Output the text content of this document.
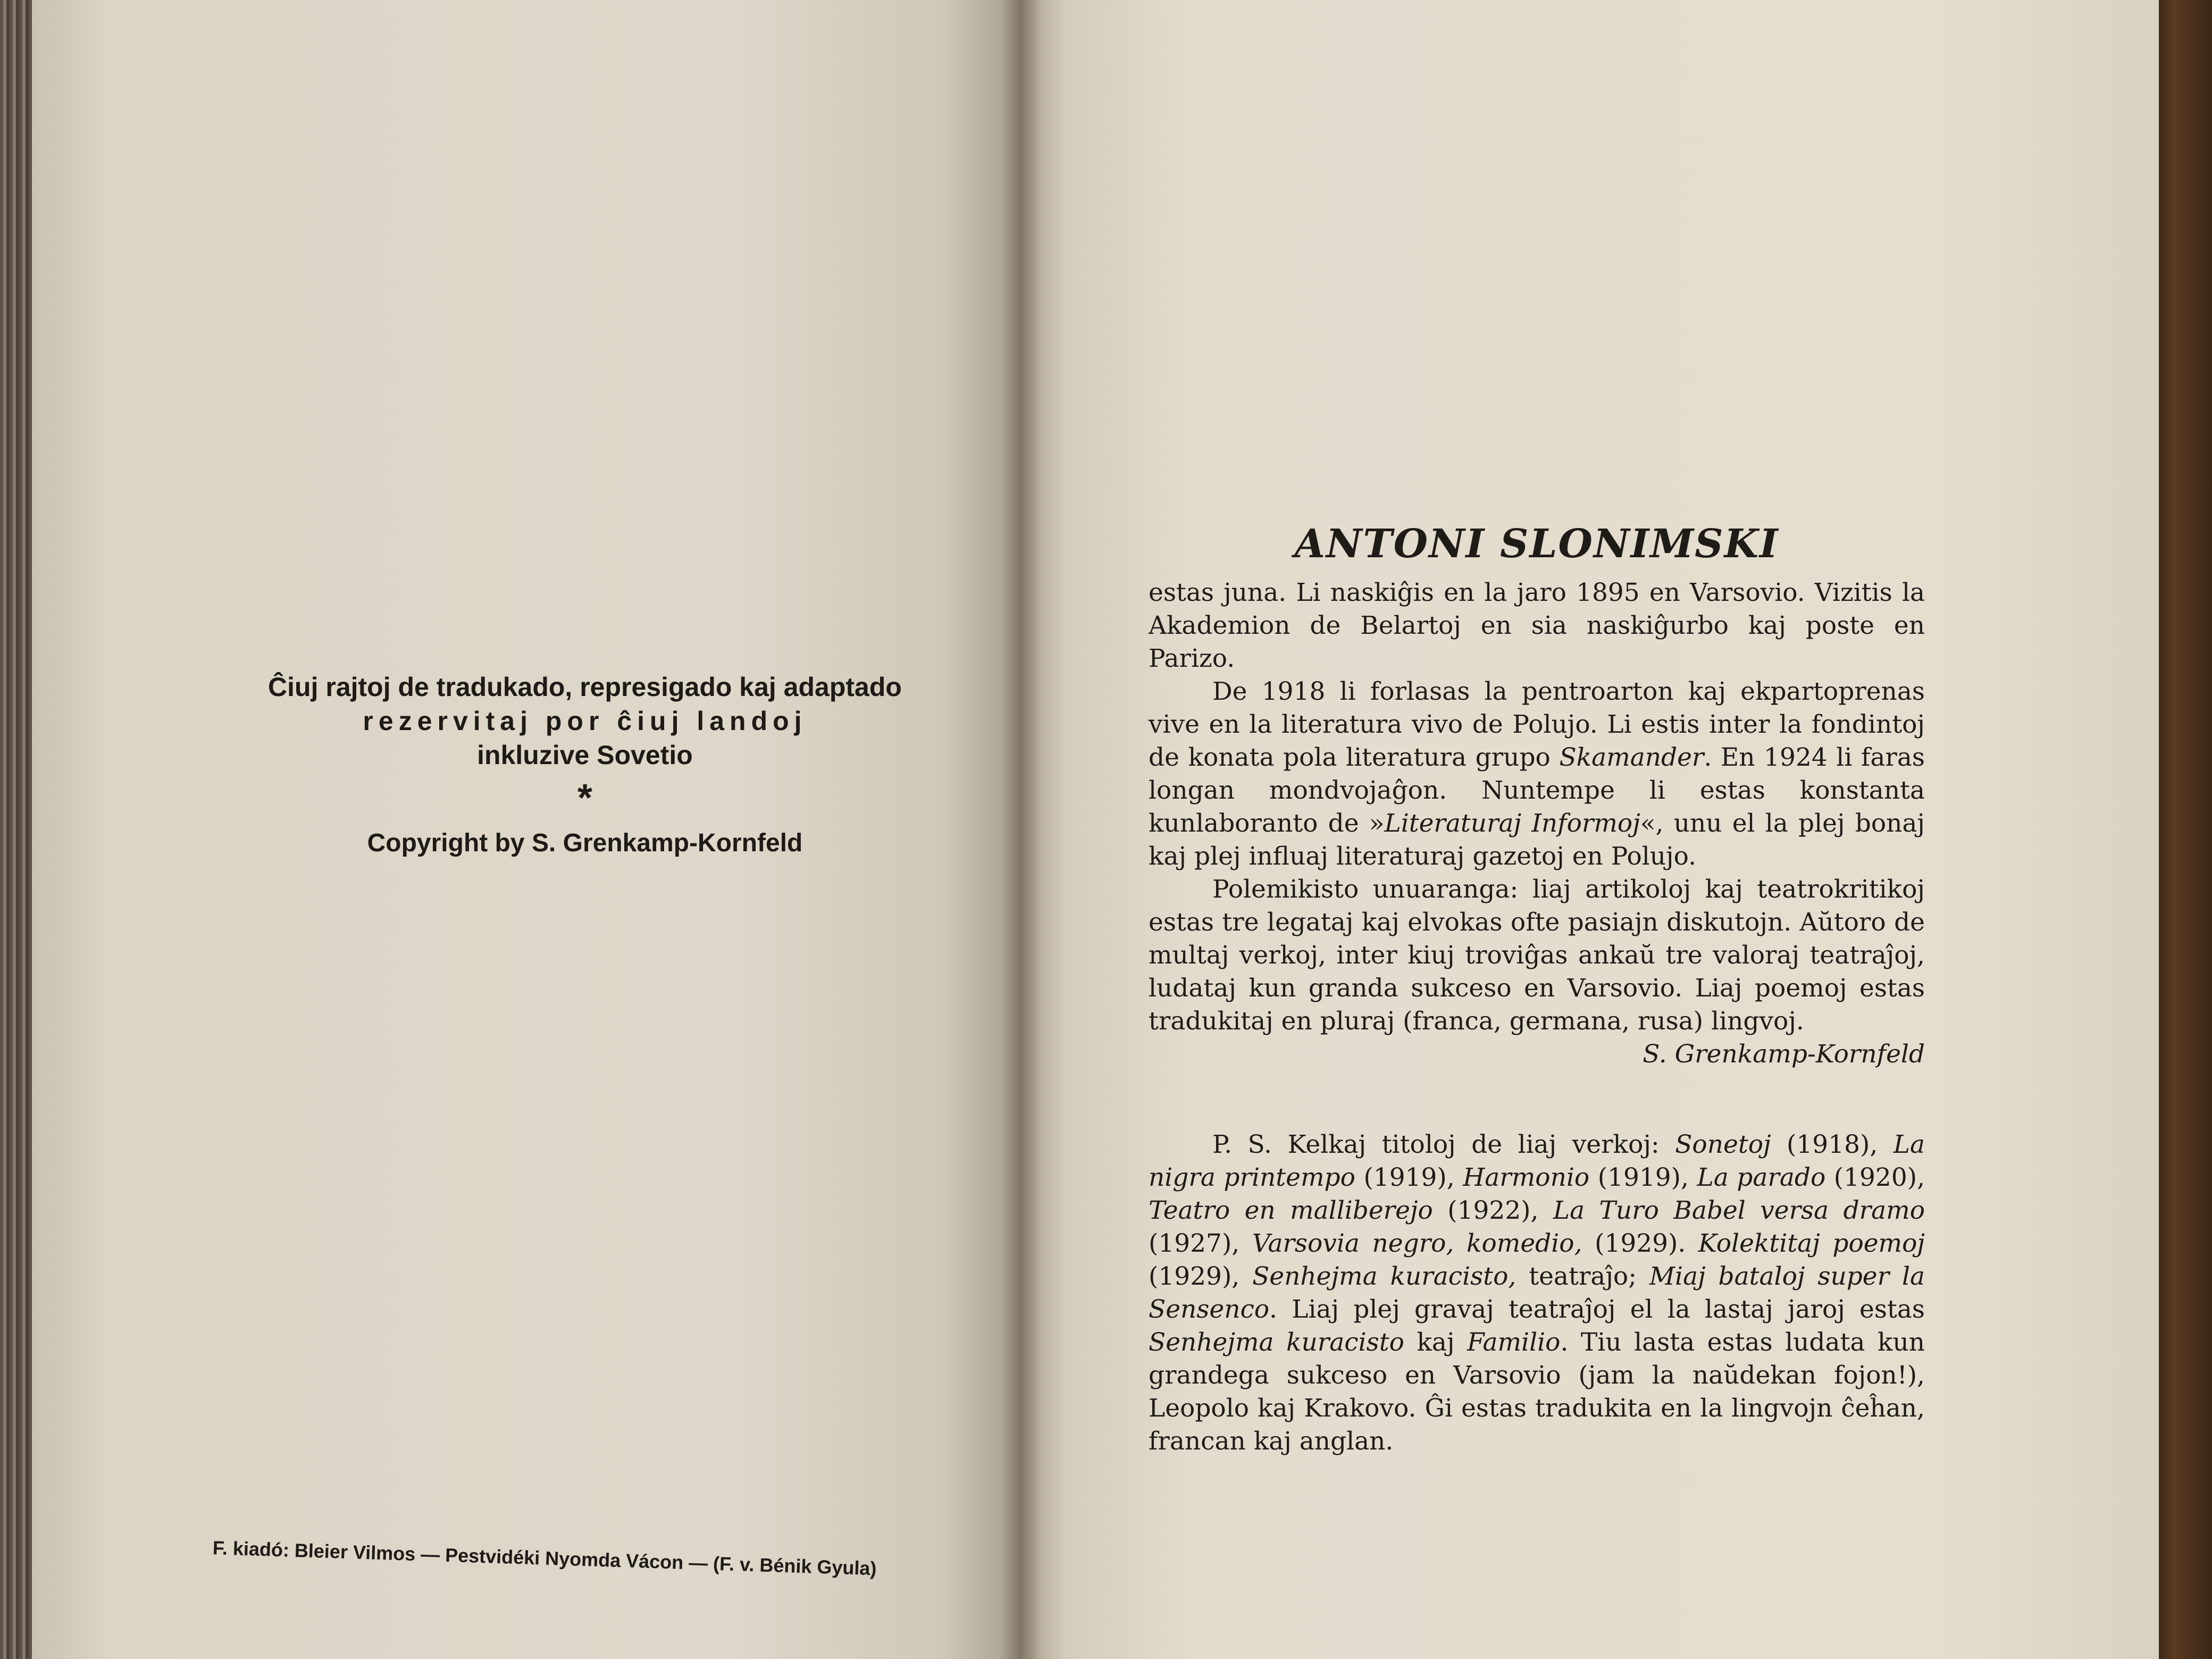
Ĉiuj rajtoj de tradukado, represigado kaj adaptado
rezervitaj por ĉiuj landoj
inkluzive Sovetio
*
Copyright by S. Grenkamp-Kornfeld
F. kiadó: Bleier Vilmos — Pestvidéki Nyomda Vácon — (F. v. Bénik Gyula)
ANTONI SLONIMSKI

estas juna. Li naskiĝis en la jaro 1895 en Varsovio. Vizitis la Akademion de Belartoj en sia naskiĝurbo kaj poste en Parizo.

De 1918 li forlasas la pentroarton kaj ekpartoprenas vive en la literatura vivo de Polujo. Li estis inter la fondintoj de konata pola literatura grupo Skamander. En 1924 li faras longan mondvojaĝon. Nuntempe li estas konstanta kunlaboranto de »Literaturaj Informoj«, unu el la plej bonaj kaj plej influaj literaturaj gazetoj en Polujo.

Polemikisto unuaranga: liaj artikoloj kaj teatrokritikoj estas tre legataj kaj elvokas ofte pasiajn diskutojn. Aŭtoro de multaj verkoj, inter kiuj troviĝas ankaŭ tre valoraj teatraĵoj, ludataj kun granda sukceso en Varsovio. Liaj poemoj estas tradukitaj en pluraj (franca, germana, rusa) lingvoj.

S. Grenkamp-Kornfeld

P. S. Kelkaj titoloj de liaj verkoj: Sonetoj (1918), La nigra printempo (1919), Harmonio (1919), La parado (1920), Teatro en malliberejo (1922), La Turo Babel versa dramo (1927), Varsovia negro, komedio, (1929). Kolektitaj poemoj (1929), Senhejma kuracisto, teatraĵo; Miaj bataloj super la Sensenco. Liaj plej gravaj teatraĵoj el la lastaj jaroj estas Senhejma kuracisto kaj Familio. Tiu lasta estas ludata kun grandega sukceso en Varsovio (jam la naŭdekan fojon!), Leopolo kaj Krakovo. Ĝi estas tradukita en la lingvojn ĉeĥan, francan kaj anglan.
